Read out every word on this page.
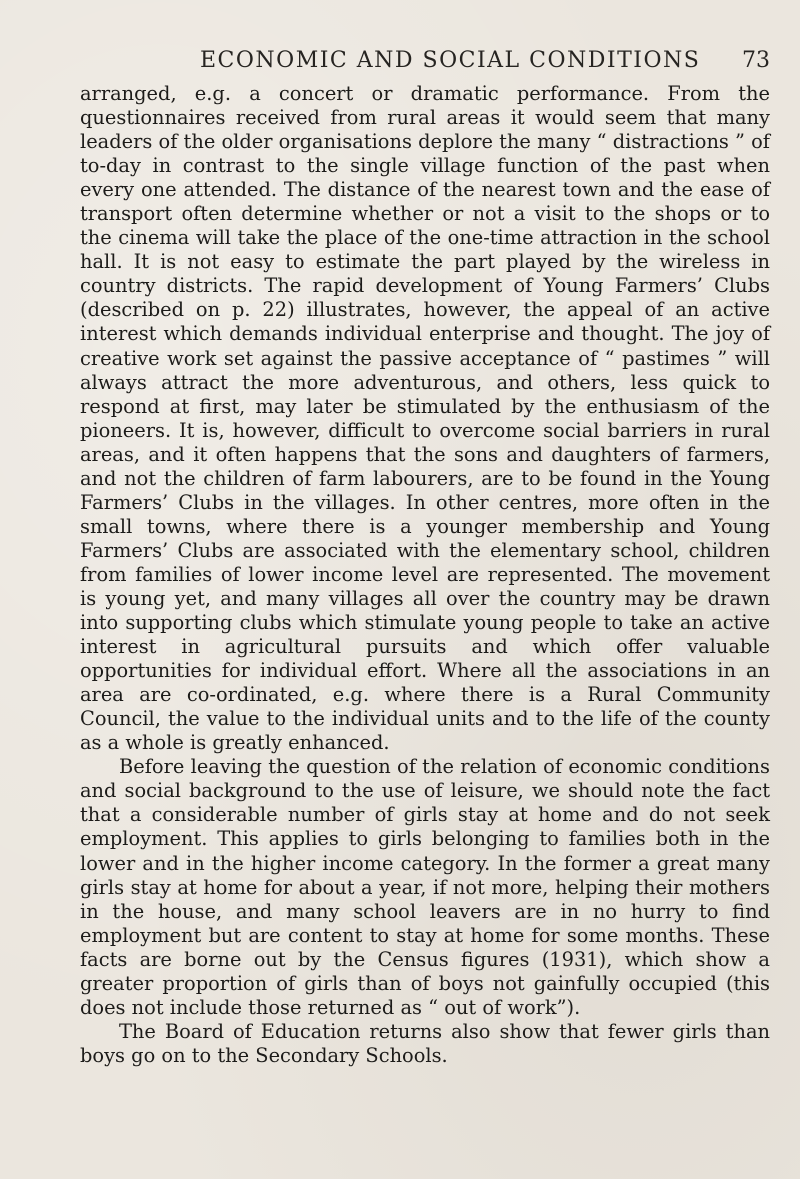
ECONOMIC AND SOCIAL CONDITIONS 73

arranged, e.g. a concert or dramatic performance. From the questionnaires received from rural areas it would seem that many leaders of the older organisations deplore the many “ distractions ” of to-day in contrast to the single village function of the past when every one attended. The distance of the nearest town and the ease of transport often determine whether or not a visit to the shops or to the cinema will take the place of the one-time attraction in the school hall. It is not easy to estimate the part played by the wireless in country districts. The rapid development of Young Farmers’ Clubs (described on p. 22) illustrates, however, the appeal of an active interest which demands individual enterprise and thought. The joy of creative work set against the passive acceptance of “ pastimes ” will always attract the more adventurous, and others, less quick to respond at first, may later be stimulated by the enthusiasm of the pioneers. It is, however, difficult to overcome social barriers in rural areas, and it often happens that the sons and daughters of farmers, and not the children of farm labourers, are to be found in the Young Farmers’ Clubs in the villages. In other centres, more often in the small towns, where there is a younger membership and Young Farmers’ Clubs are associated with the elementary school, children from families of lower income level are represented. The movement is young yet, and many villages all over the country may be drawn into supporting clubs which stimulate young people to take an active interest in agricultural pursuits and which offer valuable opportunities for individual effort. Where all the associations in an area are co-ordinated, e.g. where there is a Rural Community Council, the value to the individual units and to the life of the county as a whole is greatly enhanced.

Before leaving the question of the relation of economic conditions and social background to the use of leisure, we should note the fact that a considerable number of girls stay at home and do not seek employment. This applies to girls belonging to families both in the lower and in the higher income category. In the former a great many girls stay at home for about a year, if not more, helping their mothers in the house, and many school leavers are in no hurry to find employment but are content to stay at home for some months. These facts are borne out by the Census figures (1931), which show a greater proportion of girls than of boys not gainfully occupied (this does not include those returned as “ out of work”).

The Board of Education returns also show that fewer girls than boys go on to the Secondary Schools.
